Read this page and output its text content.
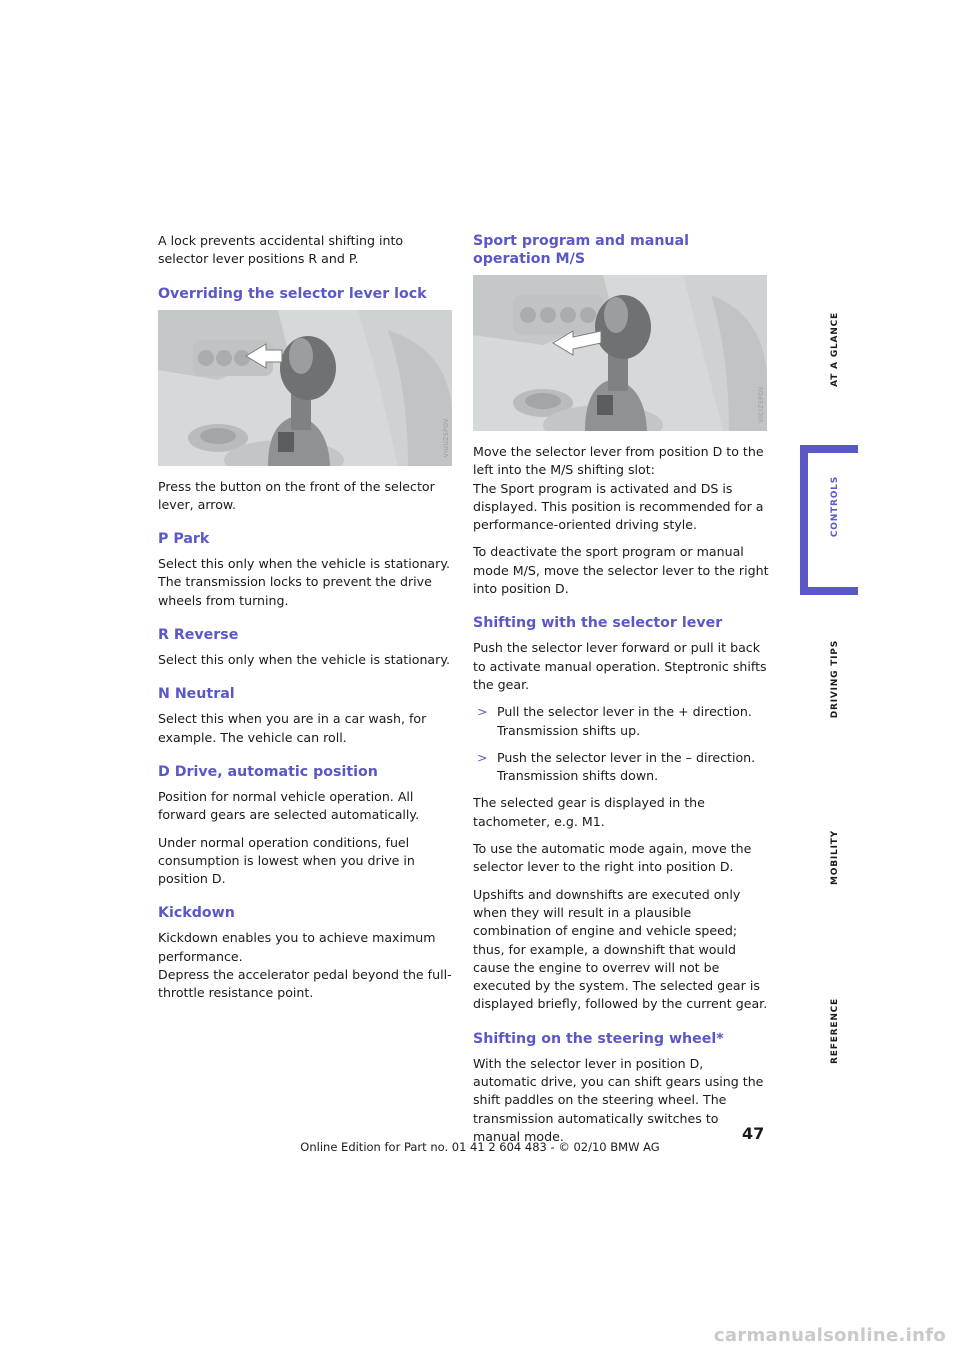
A lock prevents accidental shifting into selector lever positions R and P.

Overriding the selector lever lock
VIUUZSPOV

Press the button on the front of the selector lever, arrow.

P Park

Select this only when the vehicle is stationary. The transmission locks to prevent the drive wheels from turning.

R Reverse

Select this only when the vehicle is stationary.

N Neutral

Select this when you are in a car wash, for example. The vehicle can roll.

D Drive, automatic position

Position for normal vehicle operation. All forward gears are selected automatically.

Under normal operation conditions, fuel consumption is lowest when you drive in position D.

Kickdown

Kickdown enables you to achieve maximum performance.
Depress the accelerator pedal beyond the full-throttle resistance point.

Sport program and manual operation M/S
VICIZSPOV

Move the selector lever from position D to the left into the M/S shifting slot:
The Sport program is activated and DS is displayed. This position is recommended for a performance-oriented driving style.

To deactivate the sport program or manual mode M/S, move the selector lever to the right into position D.

Shifting with the selector lever

Push the selector lever forward or pull it back to activate manual operation. Steptronic shifts the gear.

> Pull the selector lever in the + direction. Transmission shifts up.
> Push the selector lever in the – direction. Transmission shifts down.

The selected gear is displayed in the tachometer, e.g. M1.

To use the automatic mode again, move the selector lever to the right into position D.

Upshifts and downshifts are executed only when they will result in a plausible combination of engine and vehicle speed; thus, for example, a downshift that would cause the engine to overrev will not be executed by the system. The selected gear is displayed briefly, followed by the current gear.

Shifting on the steering wheel*

With the selector lever in position D, automatic drive, you can shift gears using the shift paddles on the steering wheel. The transmission automatically switches to manual mode.

AT A GLANCE
CONTROLS
DRIVING TIPS
MOBILITY
REFERENCE
47
Online Edition for Part no. 01 41 2 604 483 - © 02/10 BMW AG
carmanualsonline.info
